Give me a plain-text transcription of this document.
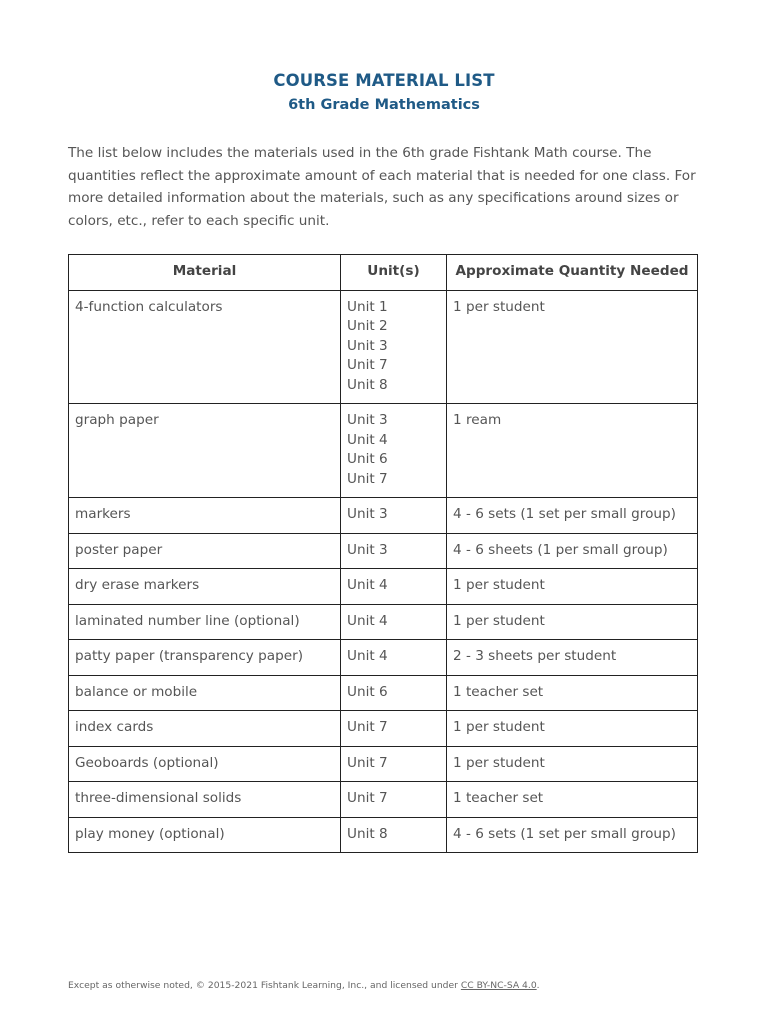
COURSE MATERIAL LIST
6th Grade Mathematics

The list below includes the materials used in the 6th grade Fishtank Math course. The quantities reflect the approximate amount of each material that is needed for one class. For more detailed information about the materials, such as any specifications around sizes or colors, etc., refer to each specific unit.

Material	Unit(s)	Approximate Quantity Needed
4-function calculators	Unit 1
Unit 2
Unit 3
Unit 7
Unit 8	1 per student
graph paper	Unit 3
Unit 4
Unit 6
Unit 7	1 ream
markers	Unit 3	4 - 6 sets (1 set per small group)
poster paper	Unit 3	4 - 6 sheets (1 per small group)
dry erase markers	Unit 4	1 per student
laminated number line (optional)	Unit 4	1 per student
patty paper (transparency paper)	Unit 4	2 - 3 sheets per student
balance or mobile	Unit 6	1 teacher set
index cards	Unit 7	1 per student
Geoboards (optional)	Unit 7	1 per student
three-dimensional solids	Unit 7	1 teacher set
play money (optional)	Unit 8	4 - 6 sets (1 set per small group)

Except as otherwise noted, © 2015-2021 Fishtank Learning, Inc., and licensed under CC BY-NC-SA 4.0.
